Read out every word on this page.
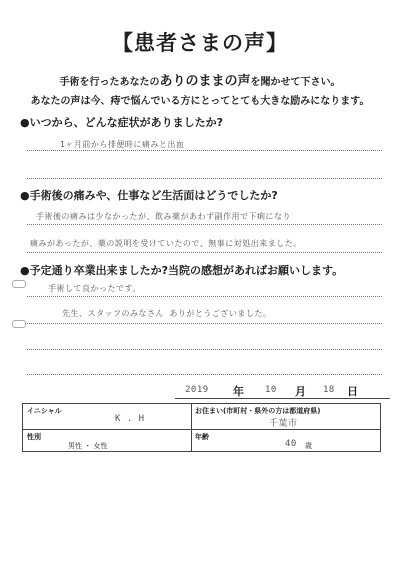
【患者さまの声】
手術を行ったあなたのありのままの声を聞かせて下さい。
あなたの声は今、痔で悩んでいる方にとってとても大きな励みになります。
●いつから、どんな症状がありましたか?
1ヶ月前から排便時に痛みと出血
●手術後の痛みや、仕事など生活面はどうでしたか?
手術後の痛みは少なかったが、飲み薬があわず副作用で下痢になり
痛みがあったが、薬の説明を受けていたので、無事に対処出来ました。
●予定通り卒業出来ましたか?当院の感想があればお願いします。
手術して良かったです。
先生、スタッフのみなさん ありがとうございました。
2019 年 10 月 18 日
イニシャル
K . H
お住まい(市町村・県外の方は都道府県)
千葉市
性別
男性 ・ 女性
年齢
40 歳
